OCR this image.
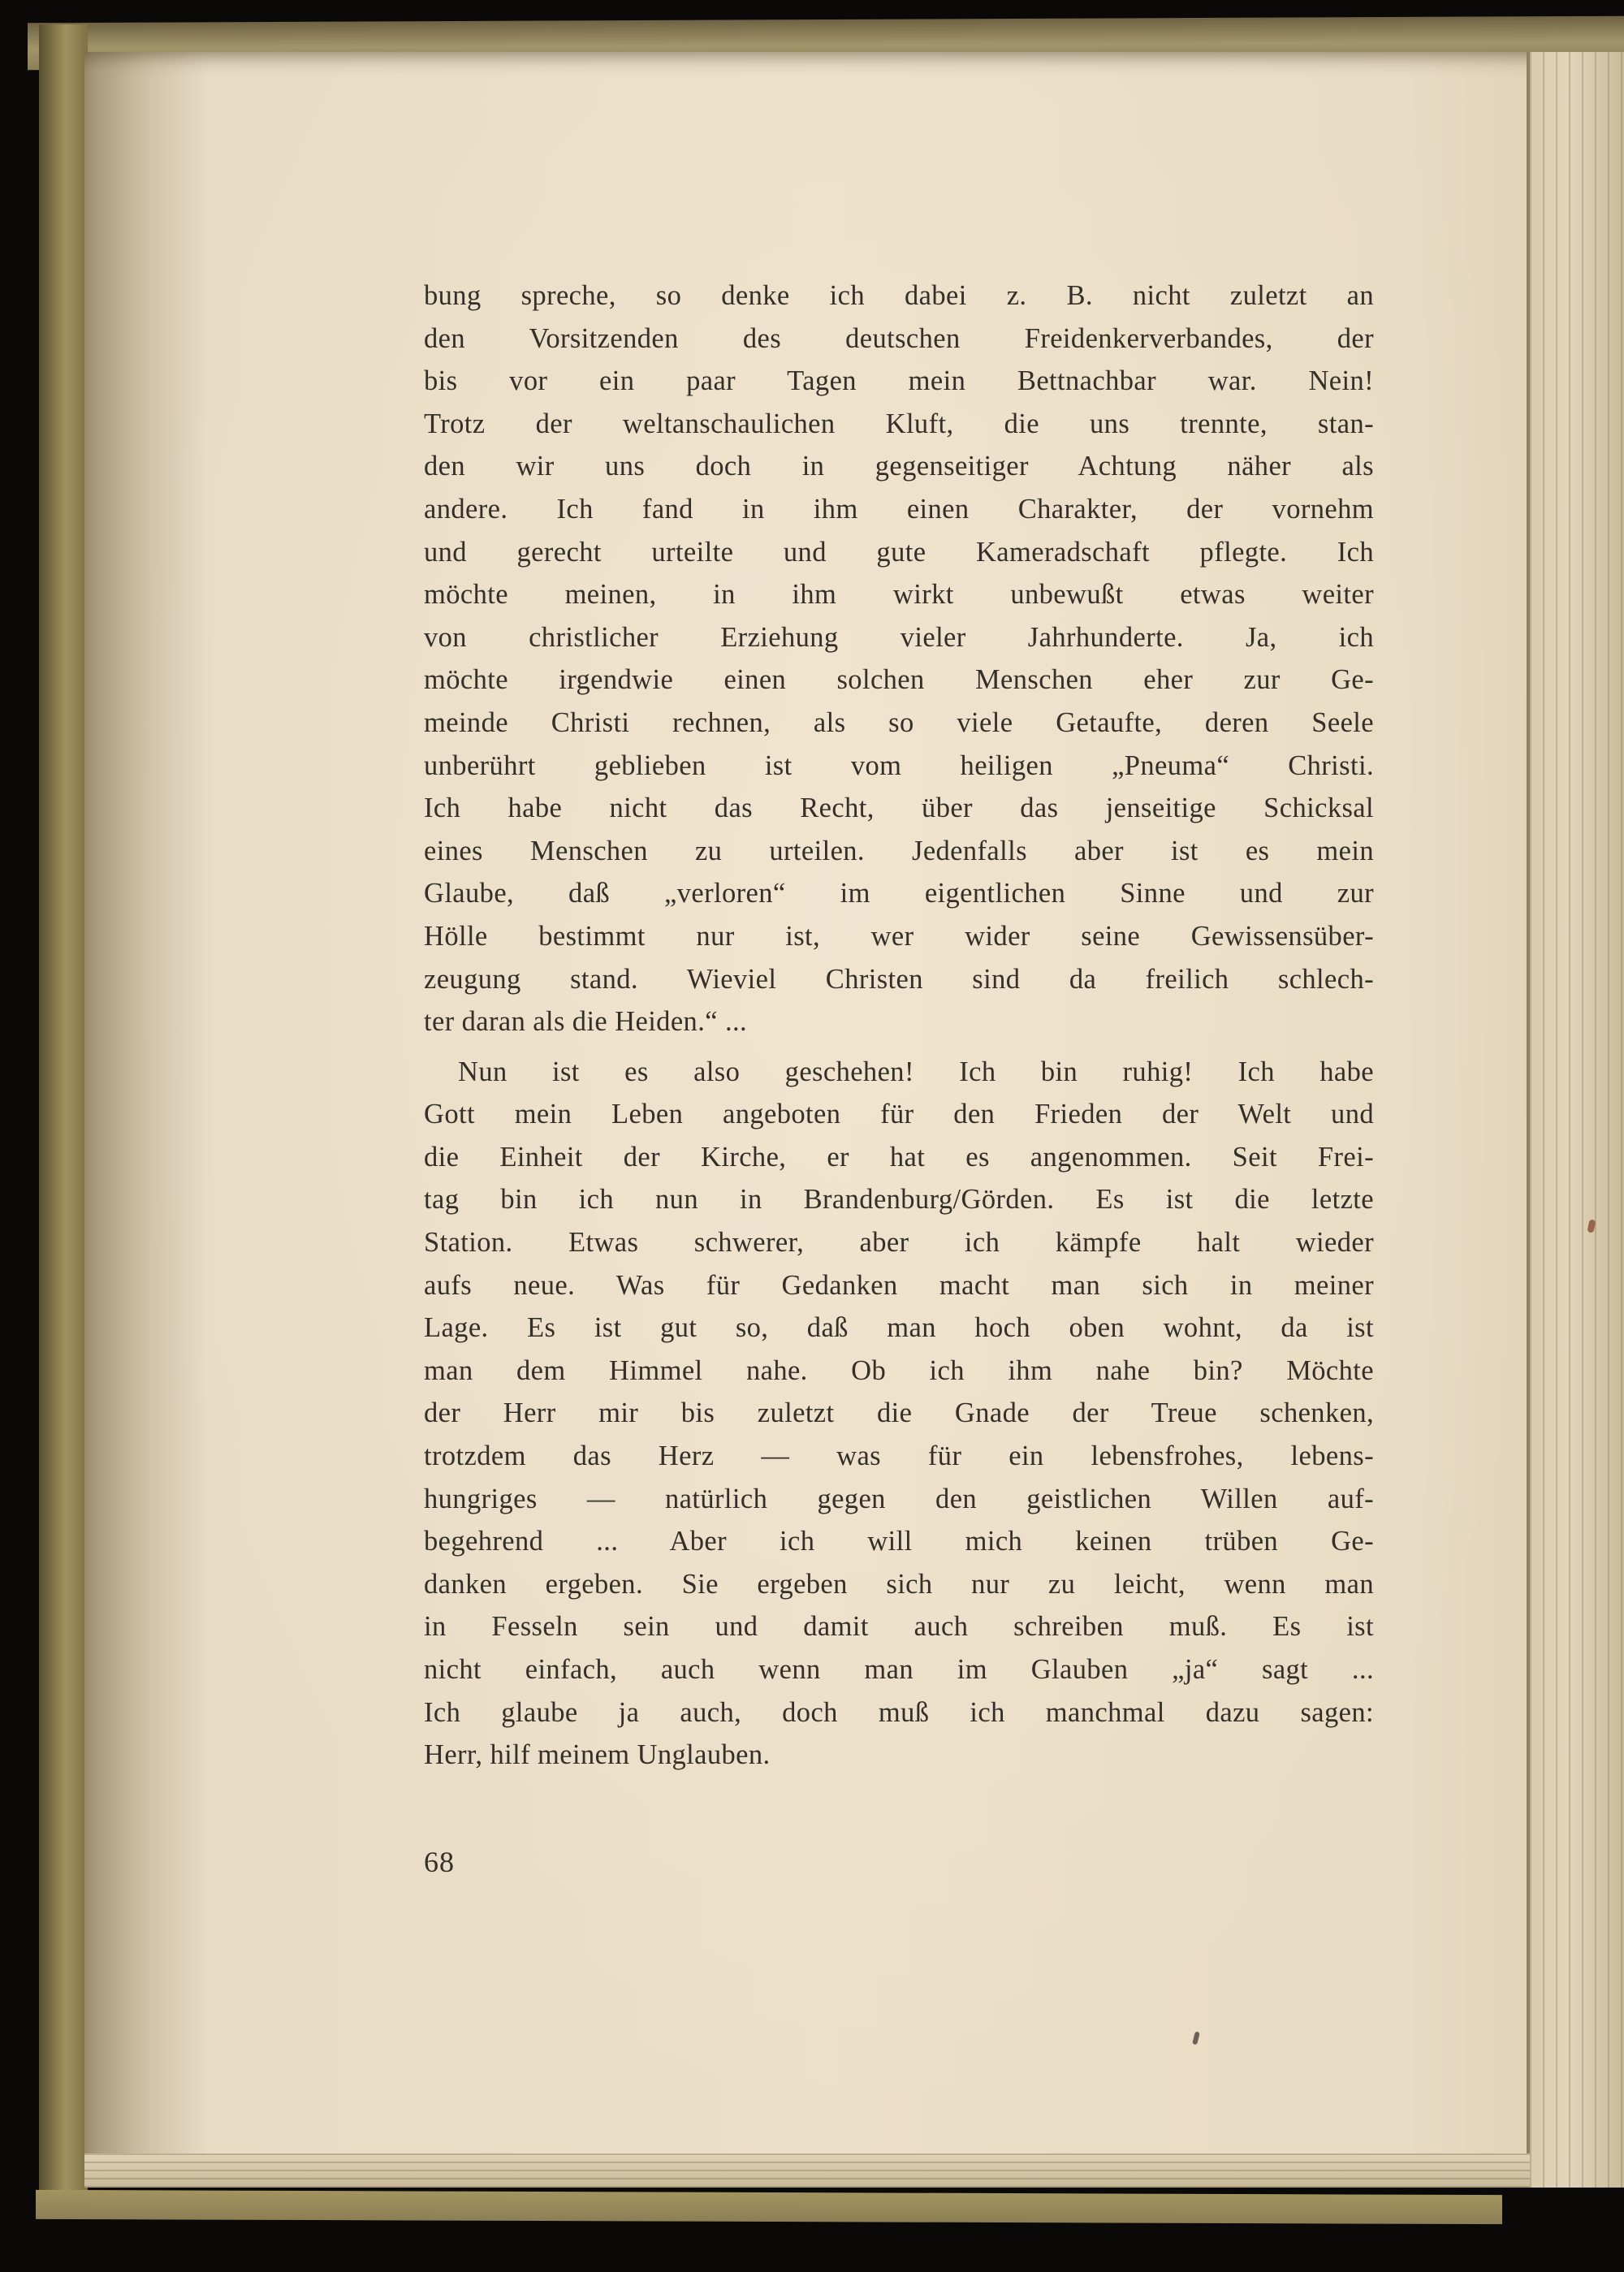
bung spreche, so denke ich dabei z. B. nicht zuletzt an
den Vorsitzenden des deutschen Freidenkerverbandes, der
bis vor ein paar Tagen mein Bettnachbar war. Nein!
Trotz der weltanschaulichen Kluft, die uns trennte, stan-
den wir uns doch in gegenseitiger Achtung näher als
andere. Ich fand in ihm einen Charakter, der vornehm
und gerecht urteilte und gute Kameradschaft pflegte. Ich
möchte meinen, in ihm wirkt unbewußt etwas weiter
von christlicher Erziehung vieler Jahrhunderte. Ja, ich
möchte irgendwie einen solchen Menschen eher zur Ge-
meinde Christi rechnen, als so viele Getaufte, deren Seele
unberührt geblieben ist vom heiligen „Pneuma“ Christi.
Ich habe nicht das Recht, über das jenseitige Schicksal
eines Menschen zu urteilen. Jedenfalls aber ist es mein
Glaube, daß „verloren“ im eigentlichen Sinne und zur
Hölle bestimmt nur ist, wer wider seine Gewissensüber-
zeugung stand. Wieviel Christen sind da freilich schlech-
ter daran als die Heiden.“ ...

Nun ist es also geschehen! Ich bin ruhig! Ich habe
Gott mein Leben angeboten für den Frieden der Welt und
die Einheit der Kirche, er hat es angenommen. Seit Frei-
tag bin ich nun in Brandenburg/Görden. Es ist die letzte
Station. Etwas schwerer, aber ich kämpfe halt wieder
aufs neue. Was für Gedanken macht man sich in meiner
Lage. Es ist gut so, daß man hoch oben wohnt, da ist
man dem Himmel nahe. Ob ich ihm nahe bin? Möchte
der Herr mir bis zuletzt die Gnade der Treue schenken,
trotzdem das Herz — was für ein lebensfrohes, lebens-
hungriges — natürlich gegen den geistlichen Willen auf-
begehrend ... Aber ich will mich keinen trüben Ge-
danken ergeben. Sie ergeben sich nur zu leicht, wenn man
in Fesseln sein und damit auch schreiben muß. Es ist
nicht einfach, auch wenn man im Glauben „ja“ sagt ...
Ich glaube ja auch, doch muß ich manchmal dazu sagen:
Herr, hilf meinem Unglauben.

68
